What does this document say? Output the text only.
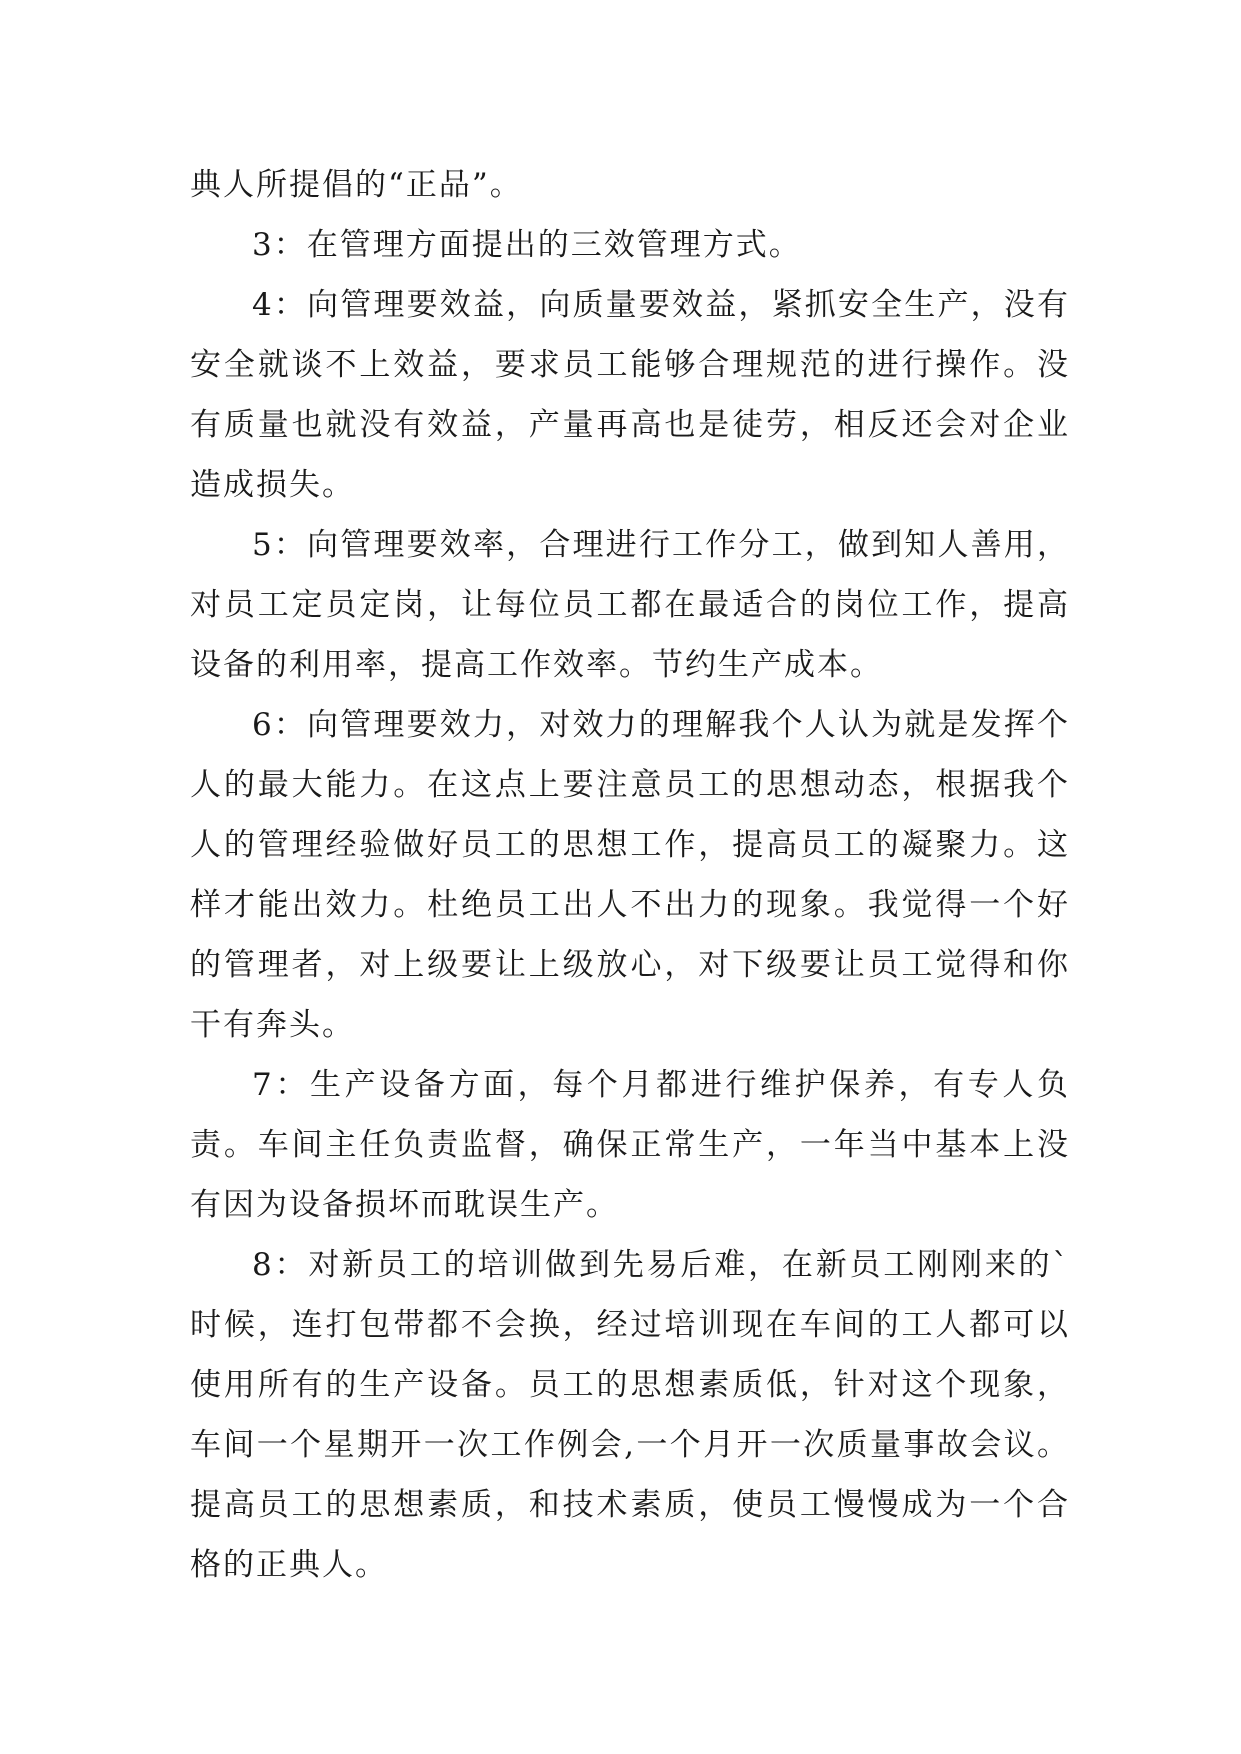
典人所提倡的“正品”。

3：在管理方面提出的三效管理方式。

4：向管理要效益，向质量要效益，紧抓安全生产，没有安全就谈不上效益，要求员工能够合理规范的进行操作。没有质量也就没有效益，产量再高也是徒劳，相反还会对企业造成损失。

5：向管理要效率，合理进行工作分工，做到知人善用，对员工定员定岗，让每位员工都在最适合的岗位工作，提高设备的利用率，提高工作效率。节约生产成本。

6：向管理要效力，对效力的理解我个人认为就是发挥个人的最大能力。在这点上要注意员工的思想动态，根据我个人的管理经验做好员工的思想工作，提高员工的凝聚力。这样才能出效力。杜绝员工出人不出力的现象。我觉得一个好的管理者，对上级要让上级放心，对下级要让员工觉得和你干有奔头。

7：生产设备方面，每个月都进行维护保养，有专人负责。车间主任负责监督，确保正常生产，一年当中基本上没有因为设备损坏而耽误生产。

8：对新员工的培训做到先易后难，在新员工刚刚来的`时候，连打包带都不会换，经过培训现在车间的工人都可以使用所有的生产设备。员工的思想素质低，针对这个现象，车间一个星期开一次工作例会,一个月开一次质量事故会议。提高员工的思想素质，和技术素质，使员工慢慢成为一个合格的正典人。
